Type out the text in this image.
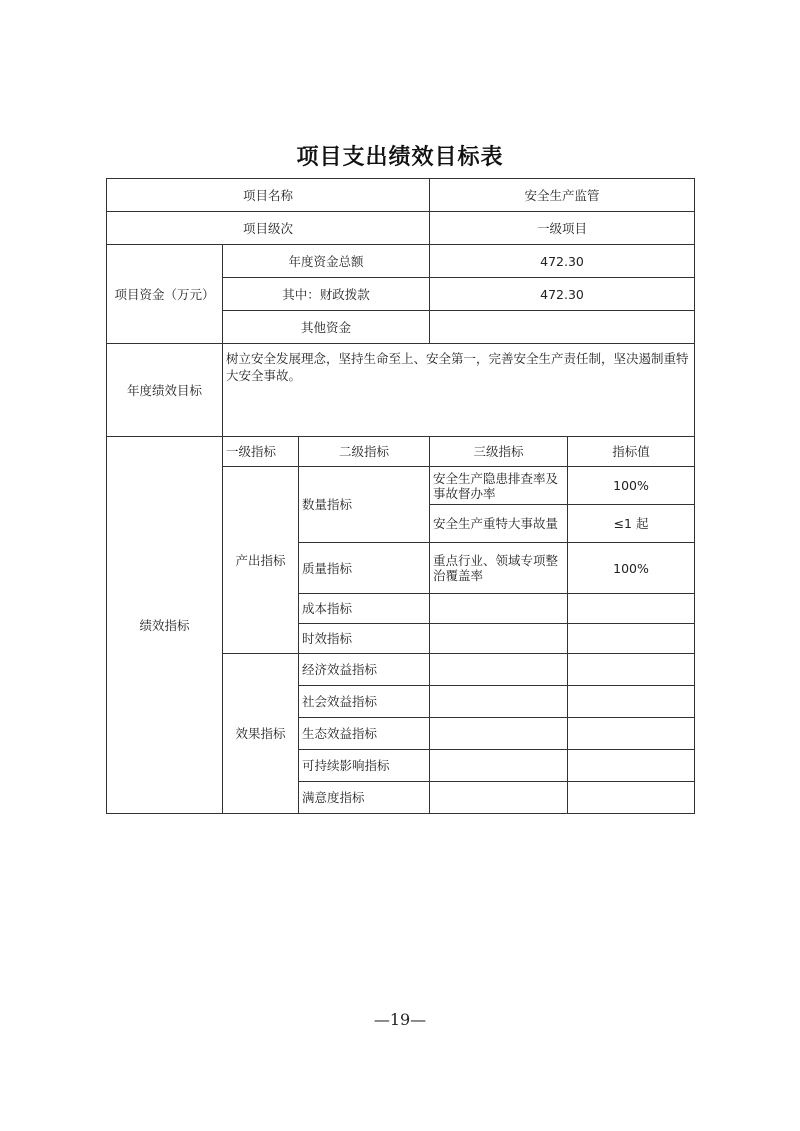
项目支出绩效目标表
项目名称			安全生产监管	
项目级次			一级项目	
项目资金（万元）	年度资金总额		472.30	
	其中：财政拨款		472.30	
	其他资金			
年度绩效目标	树立安全发展理念，坚持生命至上、安全第一，完善安全生产责任制，坚决遏制重特大安全事故。			
绩效指标	一级指标	二级指标	三级指标	指标值
	产出指标	数量指标	安全生产隐患排查率及事故督办率	100%
			安全生产重特大事故量	≤1 起
		质量指标	重点行业、领域专项整治覆盖率	100%
		成本指标		
		时效指标		
	效果指标	经济效益指标		
		社会效益指标		
		生态效益指标		
		可持续影响指标		
		满意度指标		
—19—
